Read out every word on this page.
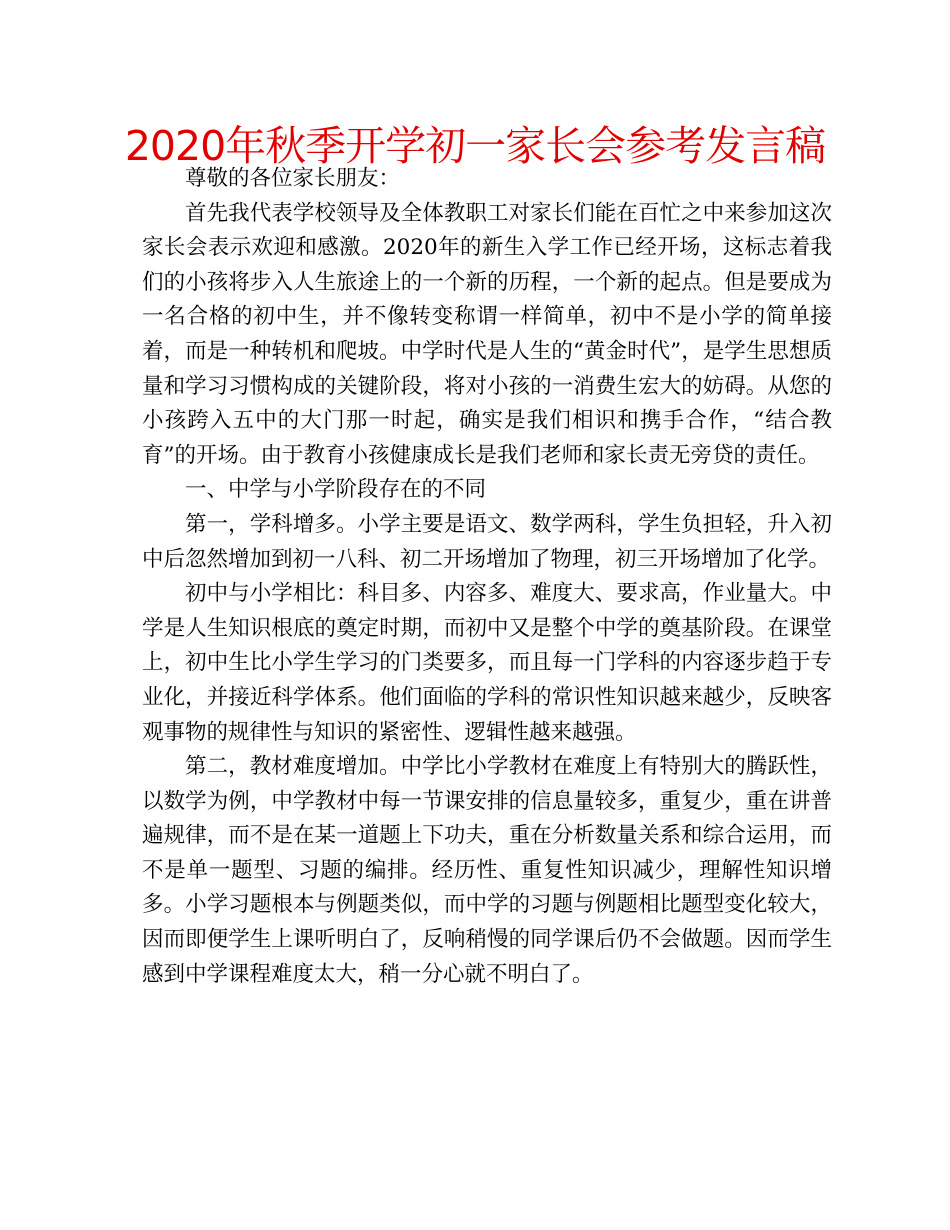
2020年秋季开学初一家长会参考发言稿

尊敬的各位家长朋友：

首先我代表学校领导及全体教职工对家长们能在百忙之中来参加这次家长会表示欢迎和感激。2020年的新生入学工作已经开场，这标志着我们的小孩将步入人生旅途上的一个新的历程，一个新的起点。但是要成为一名合格的初中生，并不像转变称谓一样简单，初中不是小学的简单接着，而是一种转机和爬坡。中学时代是人生的“黄金时代”，是学生思想质量和学习习惯构成的关键阶段，将对小孩的一消费生宏大的妨碍。从您的小孩跨入五中的大门那一时起，确实是我们相识和携手合作，“结合教育”的开场。由于教育小孩健康成长是我们老师和家长责无旁贷的责任。

一、中学与小学阶段存在的不同

第一，学科增多。小学主要是语文、数学两科，学生负担轻，升入初中后忽然增加到初一八科、初二开场增加了物理，初三开场增加了化学。

初中与小学相比：科目多、内容多、难度大、要求高，作业量大。中学是人生知识根底的奠定时期，而初中又是整个中学的奠基阶段。在课堂上，初中生比小学生学习的门类要多，而且每一门学科的内容逐步趋于专业化，并接近科学体系。他们面临的学科的常识性知识越来越少，反映客观事物的规律性与知识的紧密性、逻辑性越来越强。

第二，教材难度增加。中学比小学教材在难度上有特别大的腾跃性，以数学为例，中学教材中每一节课安排的信息量较多，重复少，重在讲普遍规律，而不是在某一道题上下功夫，重在分析数量关系和综合运用，而不是单一题型、习题的编排。经历性、重复性知识减少，理解性知识增多。小学习题根本与例题类似，而中学的习题与例题相比题型变化较大，因而即便学生上课听明白了，反响稍慢的同学课后仍不会做题。因而学生感到中学课程难度太大，稍一分心就不明白了。
